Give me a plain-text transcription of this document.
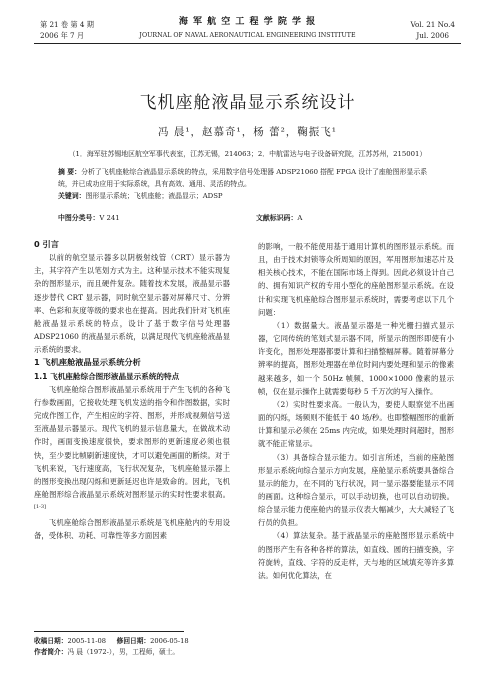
第 21 卷 第 4 期
2006 年 7 月
海 军 航 空 工 程 学 院 学 报
JOURNAL OF NAVAL AERONAUTICAL ENGINEERING INSTITUTE
Vol. 21 No.4
Jul. 2006
飞机座舱液晶显示系统设计
冯 晨¹，赵慕奇¹，杨 蕾²，鞠振飞¹
（1．海军驻苏锡地区航空军事代表室，江苏无锡，214063；2．中航雷达与电子设备研究院，江苏苏州，215001）
摘 要：分析了飞机座舱综合液晶显示系统的特点，采用数字信号处理器 ADSP21060 搭配 FPGA 设计了座舱图形显示系统，并已成功应用于实际系统，具有高效、通用、灵活的特点。
关键词：图形显示系统；飞机座舱；液晶显示；ADSP
中图分类号：V 241	文献标识码：A

0 引言

以前的航空显示器多以阴极射线管（CRT）显示器为主，其字符产生以笔划方式为主。这种显示技术不能实现复杂的图形显示，而且硬件复杂。随着技术发展，液晶显示器逐步替代 CRT 显示器，同时航空显示器对屏幕尺寸、分辨率、色彩和灰度等级的要求也在提高。因此我们针对飞机座舱液晶显示系统的特点，设计了基于数字信号处理器 ADSP21060 的液晶显示系统，以满足现代飞机座舱液晶显示系统的要求。

1 飞机座舱液晶显示系统分析

1.1 飞机座舱综合图形液晶显示系统的特点

飞机座舱综合图形液晶显示系统用于产生飞机的各种飞行参数画面，它接收处理飞机发送的指令和作图数据，实时完成作图工作，产生相应的字符、图形，并形成视频信号送至液晶显示器显示。现代飞机的显示信息量大，在做战术动作时，画面变换速度很快，要求图形的更新速度必须也很快，至少要比帧刷新速度快，才可以避免画面的断续。对于飞机来说，飞行速度高，飞行状况复杂，飞机座舱显示器上的图形变换出现闪烁和更新延迟也许是致命的。因此，飞机座舱图形综合液晶显示系统对图形显示的实时性要求很高。[1-3]

飞机座舱综合图形液晶显示系统是飞机座舱内的专用设备，受体积、功耗、可靠性等多方面因素

的影响，一般不能使用基于通用计算机的图形显示系统。而且，由于技术封锁等众所周知的原因，军用图形加速芯片及相关核心技术，不能在国际市场上得到。因此必须设计自己的、拥有知识产权的专用小型化的座舱图形显示系统。在设计和实现飞机座舱综合图形显示系统时，需要考虑以下几个问题：

（1）数据量大。液晶显示器是一种光栅扫描式显示器，它同传统的笔划式显示器不同，所显示的图形即使有小许变化，图形处理器都要计算和扫描整幅屏幕。随着屏幕分辨率的提高，图形处理器在单位时间内要处理和显示的像素越来越多，如一个 50Hz 帧频、1000×1000 像素的显示帧，仅在显示操作上就需要每秒 5 千万次的写入操作。

（2）实时性要求高。一般认为，要使人眼察觉不出画面的闪烁，场频则不能低于 40 场/秒。也即整幅图形的重新计算和显示必须在 25ms 内完成，如果处理时间超时，图形就不能正常显示。

（3）具备综合显示能力。如引言所述，当前的座舱图形显示系统向综合显示方向发展，座舱显示系统要具备综合显示的能力，在不同的飞行状况，同一显示器要能显示不同的画面。这种综合显示，可以手动切换，也可以自动切换。综合显示能力使座舱内的显示仪表大幅减少，大大减轻了飞行员的负担。

（4）算法复杂。基于液晶显示的座舱图形显示系统中的图形产生有各种各样的算法，如直线、圆的扫描变换，字符旋转，直线、字符的反走样，天与地的区域填充等许多算法。如何优化算法，在

收稿日期：2005-11-08 修回日期：2006-05-18
作者简介：冯 晨（1972-），男，工程师，硕士。
